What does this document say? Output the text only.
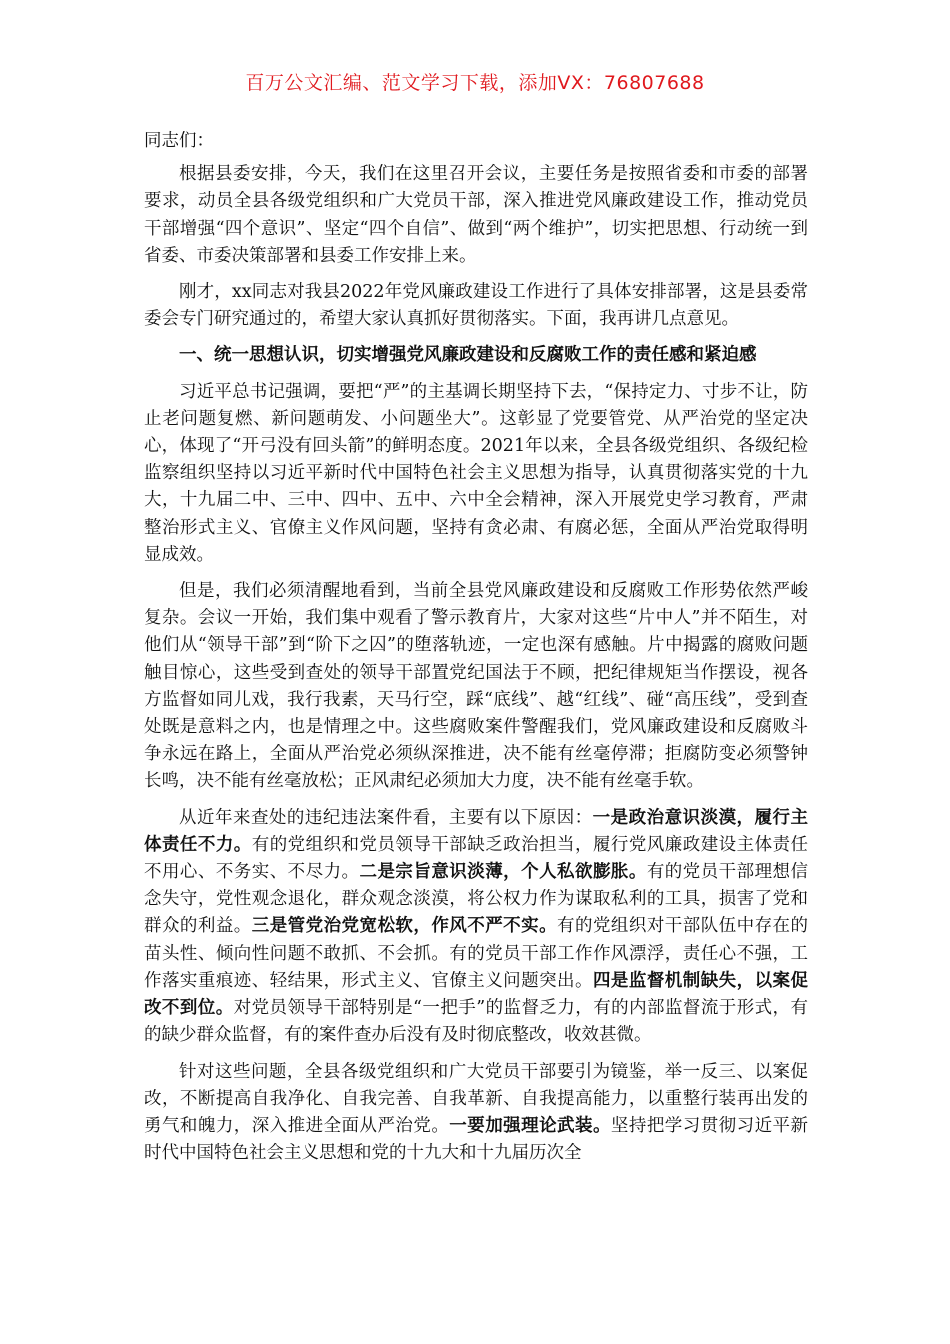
百万公文汇编、范文学习下载，添加VX：76807688
同志们：

根据县委安排，今天，我们在这里召开会议，主要任务是按照省委和市委的部署要求，动员全县各级党组织和广大党员干部，深入推进党风廉政建设工作，推动党员干部增强“四个意识”、坚定“四个自信”、做到“两个维护”，切实把思想、行动统一到省委、市委决策部署和县委工作安排上来。

刚才，xx同志对我县2022年党风廉政建设工作进行了具体安排部署，这是县委常委会专门研究通过的，希望大家认真抓好贯彻落实。下面，我再讲几点意见。

一、统一思想认识，切实增强党风廉政建设和反腐败工作的责任感和紧迫感

习近平总书记强调，要把“严”的主基调长期坚持下去，“保持定力、寸步不让，防止老问题复燃、新问题萌发、小问题坐大”。这彰显了党要管党、从严治党的坚定决心，体现了“开弓没有回头箭”的鲜明态度。2021年以来，全县各级党组织、各级纪检监察组织坚持以习近平新时代中国特色社会主义思想为指导，认真贯彻落实党的十九大，十九届二中、三中、四中、五中、六中全会精神，深入开展党史学习教育，严肃整治形式主义、官僚主义作风问题，坚持有贪必肃、有腐必惩，全面从严治党取得明显成效。

但是，我们必须清醒地看到，当前全县党风廉政建设和反腐败工作形势依然严峻复杂。会议一开始，我们集中观看了警示教育片，大家对这些“片中人”并不陌生，对他们从“领导干部”到“阶下之囚”的堕落轨迹，一定也深有感触。片中揭露的腐败问题触目惊心，这些受到查处的领导干部置党纪国法于不顾，把纪律规矩当作摆设，视各方监督如同儿戏，我行我素，天马行空，踩“底线”、越“红线”、碰“高压线”，受到查处既是意料之内，也是情理之中。这些腐败案件警醒我们，党风廉政建设和反腐败斗争永远在路上，全面从严治党必须纵深推进，决不能有丝毫停滞；拒腐防变必须警钟长鸣，决不能有丝毫放松；正风肃纪必须加大力度，决不能有丝毫手软。

从近年来查处的违纪违法案件看，主要有以下原因：一是政治意识淡漠，履行主体责任不力。有的党组织和党员领导干部缺乏政治担当，履行党风廉政建设主体责任不用心、不务实、不尽力。二是宗旨意识淡薄，个人私欲膨胀。有的党员干部理想信念失守，党性观念退化，群众观念淡漠，将公权力作为谋取私利的工具，损害了党和群众的利益。三是管党治党宽松软，作风不严不实。有的党组织对干部队伍中存在的苗头性、倾向性问题不敢抓、不会抓。有的党员干部工作作风漂浮，责任心不强，工作落实重痕迹、轻结果，形式主义、官僚主义问题突出。四是监督机制缺失，以案促改不到位。对党员领导干部特别是“一把手”的监督乏力，有的内部监督流于形式，有的缺少群众监督，有的案件查办后没有及时彻底整改，收效甚微。

针对这些问题，全县各级党组织和广大党员干部要引为镜鉴，举一反三、以案促改，不断提高自我净化、自我完善、自我革新、自我提高能力，以重整行装再出发的勇气和魄力，深入推进全面从严治党。一要加强理论武装。坚持把学习贯彻习近平新时代中国特色社会主义思想和党的十九大和十九届历次全
